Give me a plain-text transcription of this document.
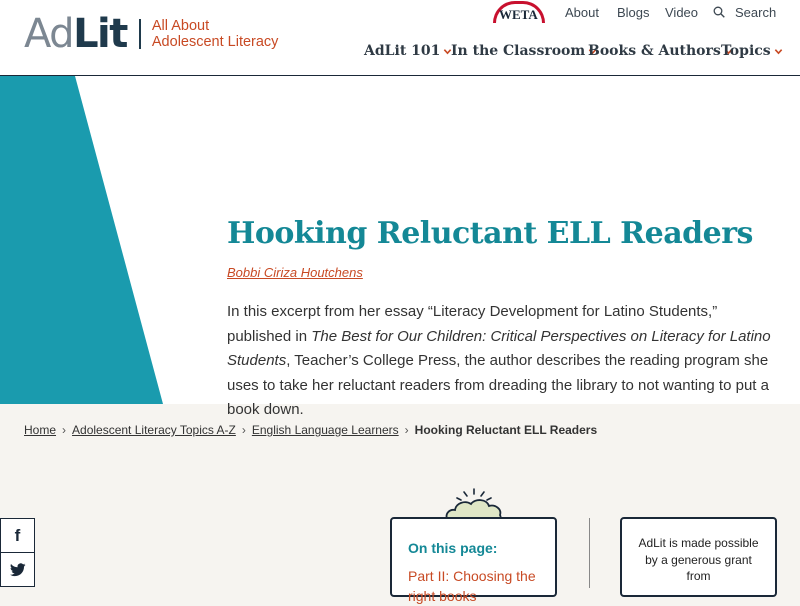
Ad Lit All About
Adolescent Literacy
WETA About Blogs Video	Search
AdLit 101 In the Classroom Books & Authors Topics
Hooking Reluctant ELL Readers
Bobbi Ciriza Houtchens

In this excerpt from her essay “Literacy Development for Latino Students,” published in The Best for Our Children: Critical Perspectives on Literacy for Latino Students, Teacher’s College Press, the author describes the reading program she uses to take her reluctant readers from dreading the library to not wanting to put a book down.

Home › Adolescent Literacy Topics A-Z › English Language Learners › Hooking Reluctant ELL Readers
f
On this page:
Part II: Choosing the right books
AdLit is made possible by a generous grant from
